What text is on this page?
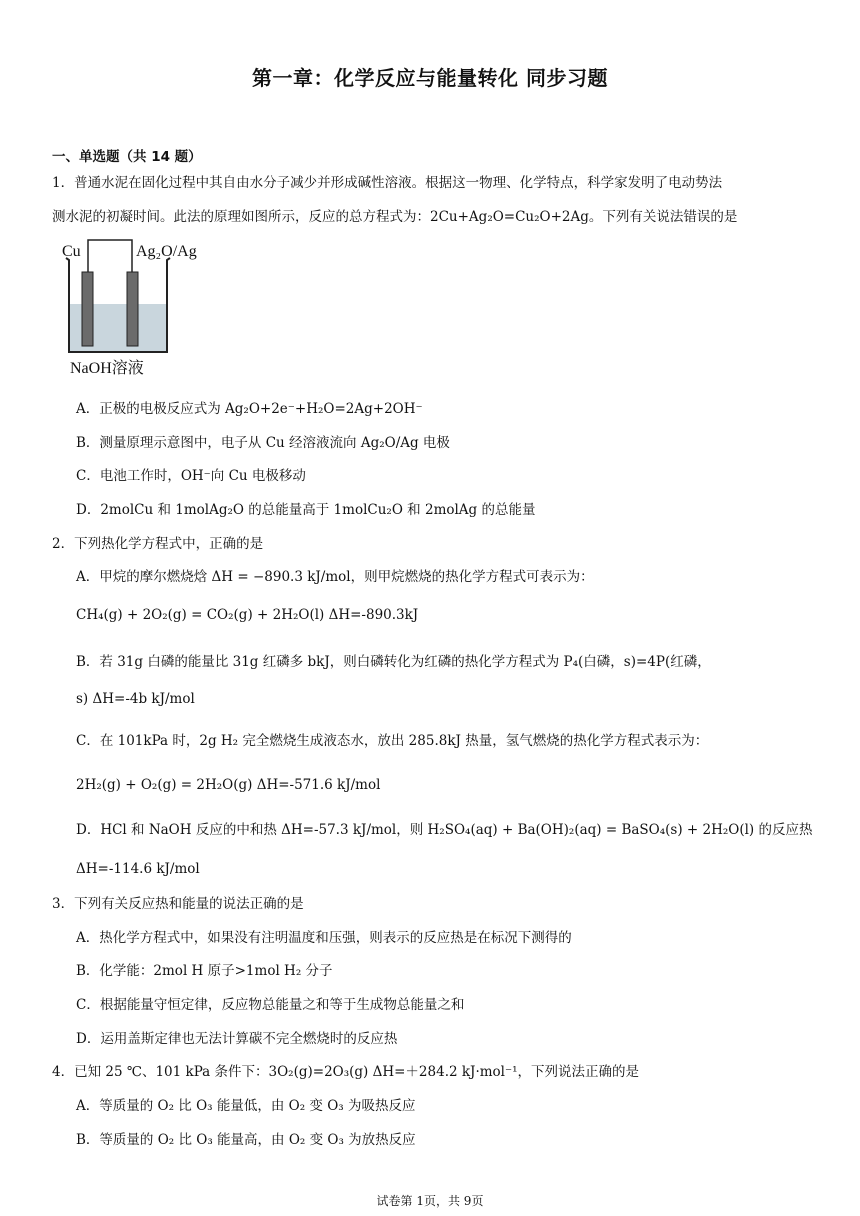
第一章：化学反应与能量转化 同步习题
一、单选题（共 14 题）
1．普通水泥在固化过程中其自由水分子减少并形成碱性溶液。根据这一物理、化学特点，科学家发明了电动势法
测水泥的初凝时间。此法的原理如图所示，反应的总方程式为：2Cu+Ag₂O=Cu₂O+2Ag。下列有关说法错误的是
Cu	Ag₂O/Ag
NaOH溶液
A．正极的电极反应式为 Ag₂O+2e⁻+H₂O=2Ag+2OH⁻
B．测量原理示意图中，电子从 Cu 经溶液流向 Ag₂O/Ag 电极
C．电池工作时，OH⁻向 Cu 电极移动
D．2molCu 和 1molAg₂O 的总能量高于 1molCu₂O 和 2molAg 的总能量
2．下列热化学方程式中，正确的是
A．甲烷的摩尔燃烧焓 ΔH = −890.3 kJ/mol，则甲烷燃烧的热化学方程式可表示为：
CH₄(g) + 2O₂(g) = CO₂(g) + 2H₂O(l) ΔH=-890.3kJ
B．若 31g 白磷的能量比 31g 红磷多 bkJ，则白磷转化为红磷的热化学方程式为 P₄(白磷，s)=4P(红磷，
s) ΔH=-4b kJ/mol
C．在 101kPa 时，2g H₂ 完全燃烧生成液态水，放出 285.8kJ 热量，氢气燃烧的热化学方程式表示为：
2H₂(g) + O₂(g) = 2H₂O(g) ΔH=-571.6 kJ/mol
D．HCl 和 NaOH 反应的中和热 ΔH=-57.3 kJ/mol，则 H₂SO₄(aq) + Ba(OH)₂(aq) = BaSO₄(s) + 2H₂O(l) 的反应热
ΔH=-114.6 kJ/mol
3．下列有关反应热和能量的说法正确的是
A．热化学方程式中，如果没有注明温度和压强，则表示的反应热是在标况下测得的
B．化学能：2mol H 原子>1mol H₂ 分子
C．根据能量守恒定律，反应物总能量之和等于生成物总能量之和
D．运用盖斯定律也无法计算碳不完全燃烧时的反应热
4．已知 25 ℃、101 kPa 条件下：3O₂(g)=2O₃(g) ΔH=＋284.2 kJ·mol⁻¹，下列说法正确的是
A．等质量的 O₂ 比 O₃ 能量低，由 O₂ 变 O₃ 为吸热反应
B．等质量的 O₂ 比 O₃ 能量高，由 O₂ 变 O₃ 为放热反应
试卷第 1页，共 9页
